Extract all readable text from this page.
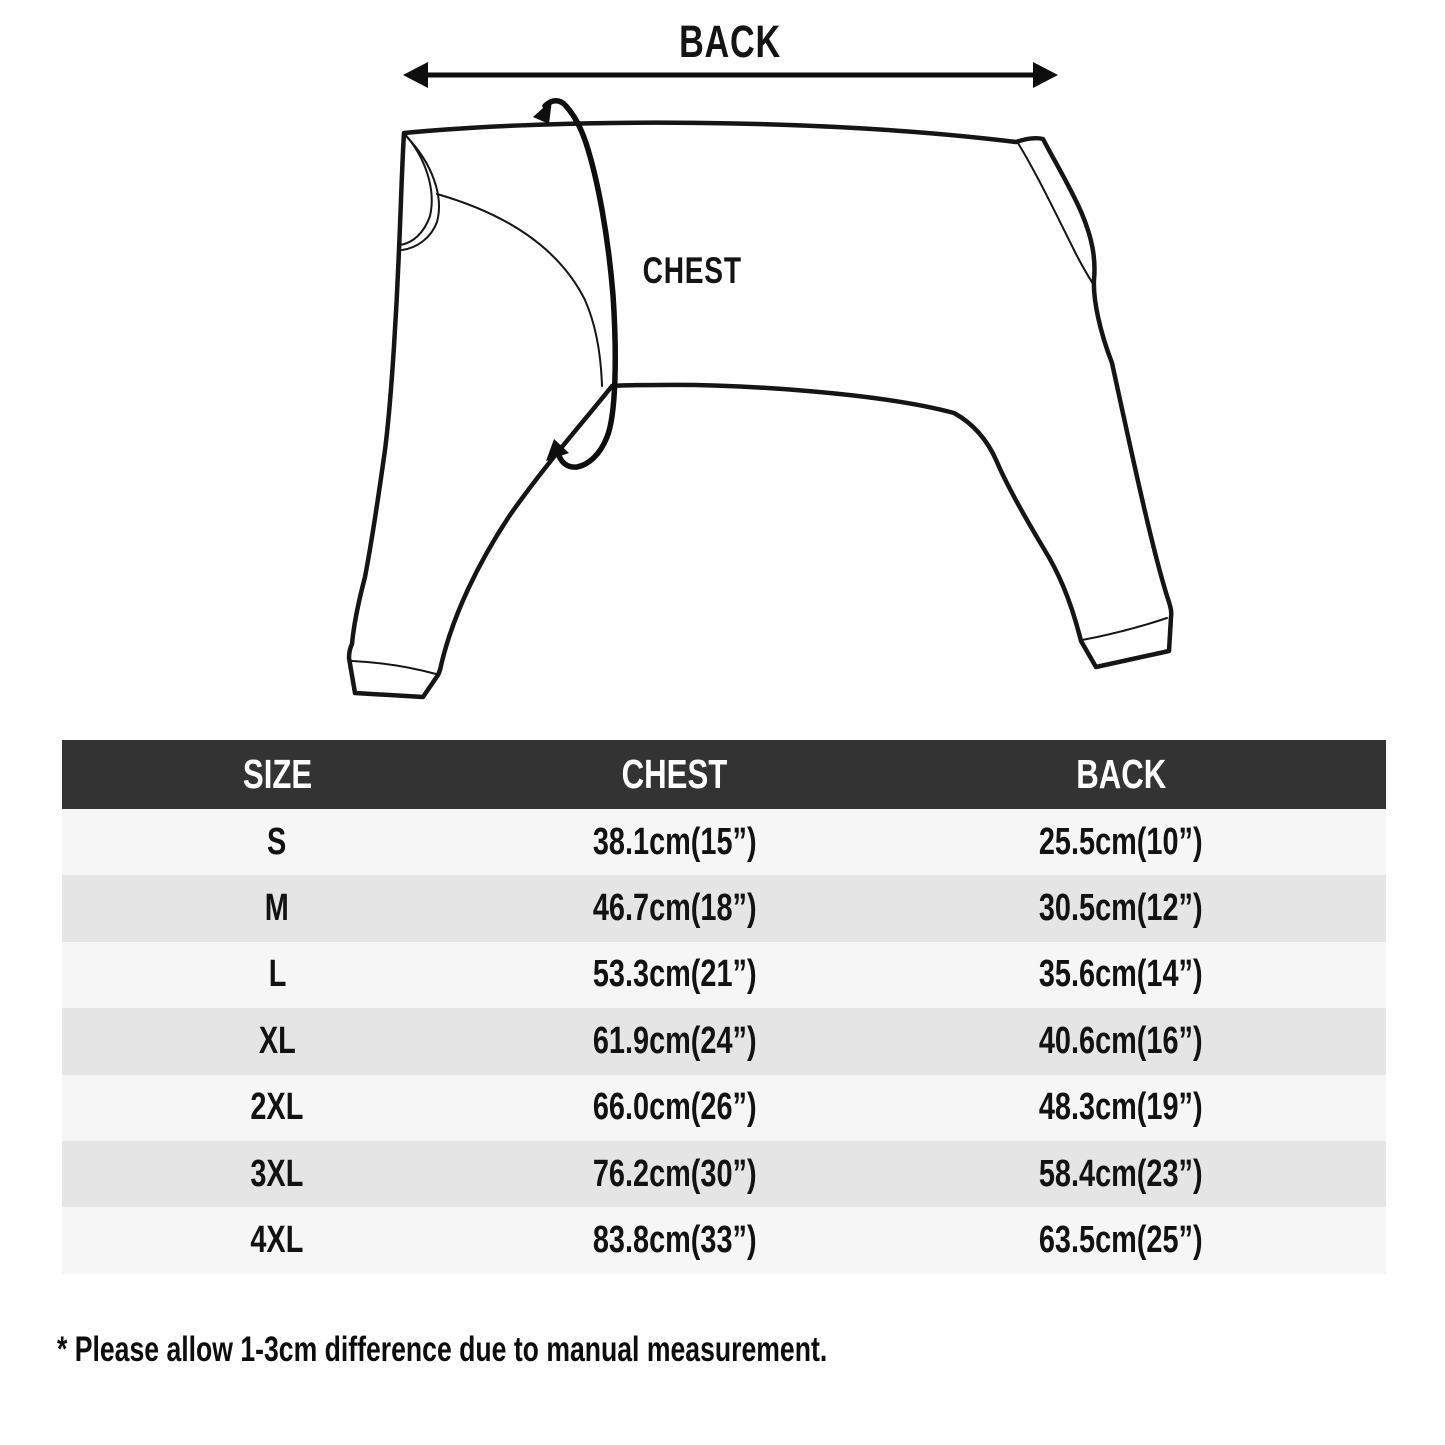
BACK
CHEST
SIZE	CHEST	BACK
S	38.1cm(15”)	25.5cm(10”)
M	46.7cm(18”)	30.5cm(12”)
L	53.3cm(21”)	35.6cm(14”)
XL	61.9cm(24”)	40.6cm(16”)
2XL	66.0cm(26”)	48.3cm(19”)
3XL	76.2cm(30”)	58.4cm(23”)
4XL	83.8cm(33”)	63.5cm(25”)
* Please allow 1-3cm difference due to manual measurement.
